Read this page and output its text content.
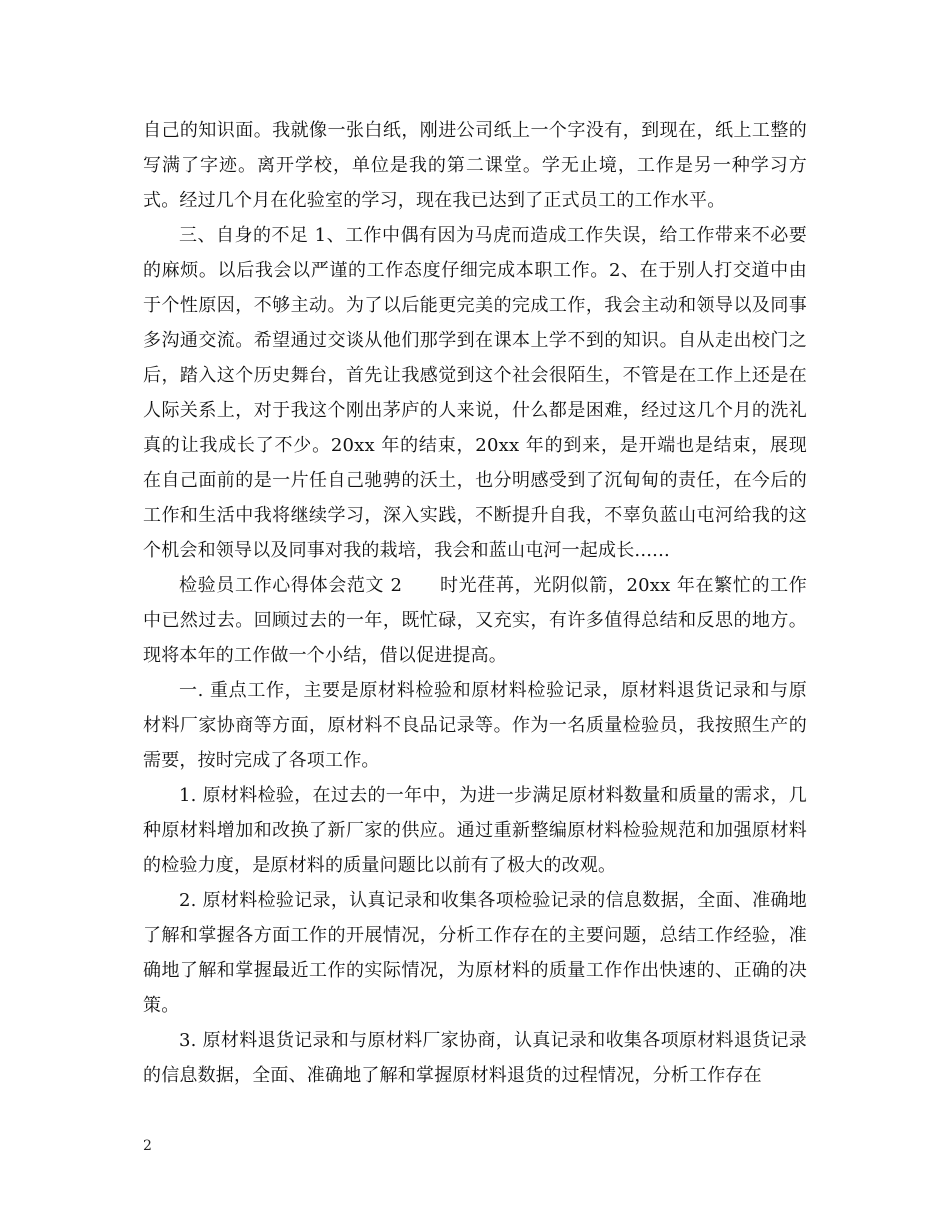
自己的知识面。我就像一张白纸，刚进公司纸上一个字没有，到现在，纸上工整的写满了字迹。离开学校，单位是我的第二课堂。学无止境，工作是另一种学习方式。经过几个月在化验室的学习，现在我已达到了正式员工的工作水平。

三、自身的不足 1、工作中偶有因为马虎而造成工作失误，给工作带来不必要的麻烦。以后我会以严谨的工作态度仔细完成本职工作。2、在于别人打交道中由于个性原因，不够主动。为了以后能更完美的完成工作，我会主动和领导以及同事多沟通交流。希望通过交谈从他们那学到在课本上学不到的知识。自从走出校门之后，踏入这个历史舞台，首先让我感觉到这个社会很陌生，不管是在工作上还是在人际关系上，对于我这个刚出茅庐的人来说，什么都是困难，经过这几个月的洗礼真的让我成长了不少。20xx 年的结束，20xx 年的到来，是开端也是结束，展现在自己面前的是一片任自己驰骋的沃土，也分明感受到了沉甸甸的责任，在今后的工作和生活中我将继续学习，深入实践，不断提升自我，不辜负蓝山屯河给我的这个机会和领导以及同事对我的栽培，我会和蓝山屯河一起成长......

检验员工作心得体会范文 2　　时光荏苒，光阴似箭，20xx 年在繁忙的工作中已然过去。回顾过去的一年，既忙碌，又充实，有许多值得总结和反思的地方。现将本年的工作做一个小结，借以促进提高。

一. 重点工作，主要是原材料检验和原材料检验记录，原材料退货记录和与原材料厂家协商等方面，原材料不良品记录等。作为一名质量检验员，我按照生产的需要，按时完成了各项工作。

1. 原材料检验，在过去的一年中，为进一步满足原材料数量和质量的需求，几种原材料增加和改换了新厂家的供应。通过重新整编原材料检验规范和加强原材料的检验力度，是原材料的质量问题比以前有了极大的改观。

2. 原材料检验记录，认真记录和收集各项检验记录的信息数据，全面、准确地了解和掌握各方面工作的开展情况，分析工作存在的主要问题，总结工作经验，准确地了解和掌握最近工作的实际情况，为原材料的质量工作作出快速的、正确的决策。

3. 原材料退货记录和与原材料厂家协商，认真记录和收集各项原材料退货记录的信息数据，全面、准确地了解和掌握原材料退货的过程情况，分析工作存在

2
